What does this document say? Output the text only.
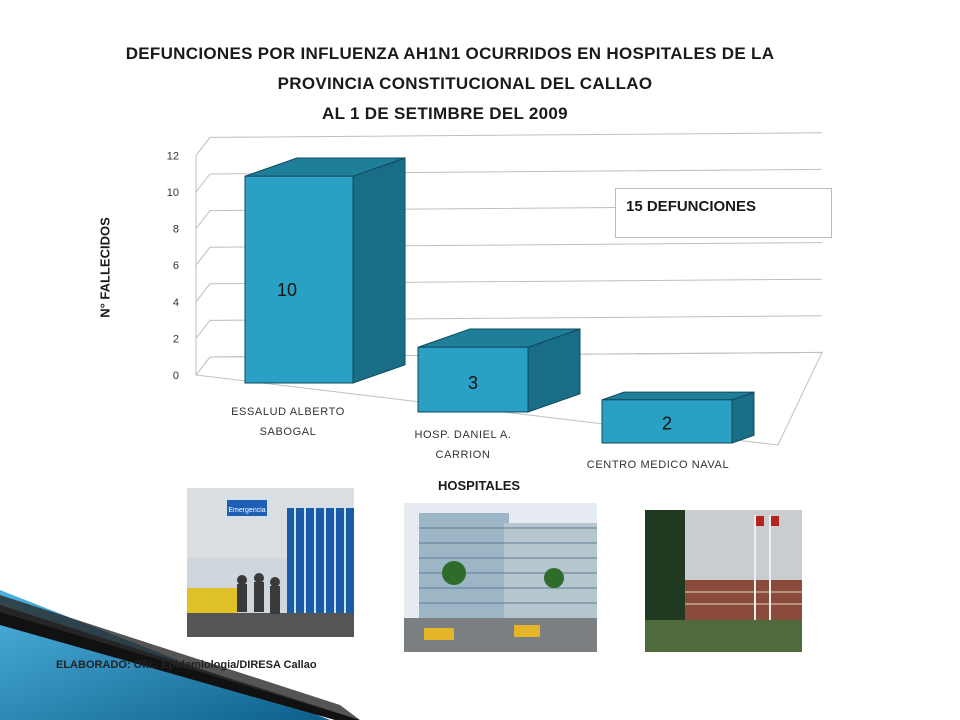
DEFUNCIONES POR INFLUENZA AH1N1 OCURRIDOS EN HOSPITALES DE LA
PROVINCIA CONSTITUCIONAL DEL CALLAO
AL 1 DE SETIMBRE DEL 2009
0
2
4
6
8
10
12
10
3
2
ESSALUD ALBERTO
SABOGAL	HOSP. DANIEL A.
CARRION
CENTRO MEDICO NAVAL
N° FALLECIDOS
HOSPITALES
15 DEFUNCIONES
Emergencia
ELABORADO: Ofic. Epidemiologia/DIRESA Callao
